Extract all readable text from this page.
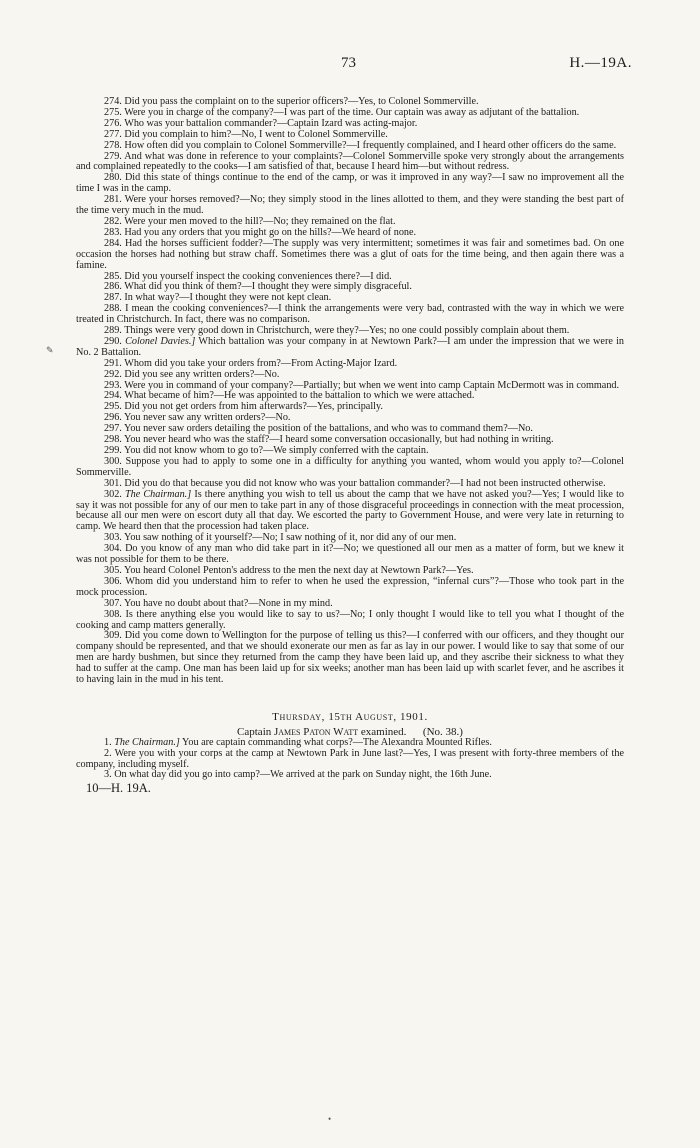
73	H.—19A.
✎

274. Did you pass the complaint on to the superior officers?—Yes, to Colonel Sommerville.

275. Were you in charge of the company?—I was part of the time. Our captain was away as adjutant of the battalion.

276. Who was your battalion commander?—Captain Izard was acting-major.

277. Did you complain to him?—No, I went to Colonel Sommerville.

278. How often did you complain to Colonel Sommerville?—I frequently complained, and I heard other officers do the same.

279. And what was done in reference to your complaints?—Colonel Sommerville spoke very strongly about the arrangements and complained repeatedly to the cooks—I am satisfied of that, because I heard him—but without redress.

280. Did this state of things continue to the end of the camp, or was it improved in any way?—I saw no improvement all the time I was in the camp.

281. Were your horses removed?—No; they simply stood in the lines allotted to them, and they were standing the best part of the time very much in the mud.

282. Were your men moved to the hill?—No; they remained on the flat.

283. Had you any orders that you might go on the hills?—We heard of none.

284. Had the horses sufficient fodder?—The supply was very intermittent; sometimes it was fair and sometimes bad. On one occasion the horses had nothing but straw chaff. Sometimes there was a glut of oats for the time being, and then again there was a famine.

285. Did you yourself inspect the cooking conveniences there?—I did.

286. What did you think of them?—I thought they were simply disgraceful.

287. In what way?—I thought they were not kept clean.

288. I mean the cooking conveniences?—I think the arrangements were very bad, contrasted with the way in which we were treated in Christchurch. In fact, there was no comparison.

289. Things were very good down in Christchurch, were they?—Yes; no one could possibly complain about them.

290. Colonel Davies.] Which battalion was your company in at Newtown Park?—I am under the impression that we were in No. 2 Battalion.

291. Whom did you take your orders from?—From Acting-Major Izard.

292. Did you see any written orders?—No.

293. Were you in command of your company?—Partially; but when we went into camp Captain McDermott was in command.

294. What became of him?—He was appointed to the battalion to which we were attached.

295. Did you not get orders from him afterwards?—Yes, principally.

296. You never saw any written orders?—No.

297. You never saw orders detailing the position of the battalions, and who was to command them?—No.

298. You never heard who was the staff?—I heard some conversation occasionally, but had nothing in writing.

299. You did not know whom to go to?—We simply conferred with the captain.

300. Suppose you had to apply to some one in a difficulty for anything you wanted, whom would you apply to?—Colonel Sommerville.

301. Did you do that because you did not know who was your battalion commander?—I had not been instructed otherwise.

302. The Chairman.] Is there anything you wish to tell us about the camp that we have not asked you?—Yes; I would like to say it was not possible for any of our men to take part in any of those disgraceful proceedings in connection with the meat procession, because all our men were on escort duty all that day. We escorted the party to Government House, and were very late in returning to camp. We heard then that the procession had taken place.

303. You saw nothing of it yourself?—No; I saw nothing of it, nor did any of our men.

304. Do you know of any man who did take part in it?—No; we questioned all our men as a matter of form, but we knew it was not possible for them to be there.

305. You heard Colonel Penton's address to the men the next day at Newtown Park?—Yes.

306. Whom did you understand him to refer to when he used the expression, “infernal curs”?—Those who took part in the mock procession.

307. You have no doubt about that?—None in my mind.

308. Is there anything else you would like to say to us?—No; I only thought I would like to tell you what I thought of the cooking and camp matters generally.

309. Did you come down to Wellington for the purpose of telling us this?—I conferred with our officers, and they thought our company should be represented, and that we should exonerate our men as far as lay in our power. I would like to say that some of our men are hardy bushmen, but since they returned from the camp they have been laid up, and they ascribe their sickness to what they had to suffer at the camp. One man has been laid up for six weeks; another man has been laid up with scarlet fever, and he ascribes it to having lain in the mud in his tent.

Thursday, 15th August, 1901.
Captain James Paton Watt examined.      (No. 38.)

1. The Chairman.] You are captain commanding what corps?—The Alexandra Mounted Rifles.

2. Were you with your corps at the camp at Newtown Park in June last?—Yes, I was present with forty-three members of the company, including myself.

3. On what day did you go into camp?—We arrived at the park on Sunday night, the 16th June.

10—H. 19A.
•
